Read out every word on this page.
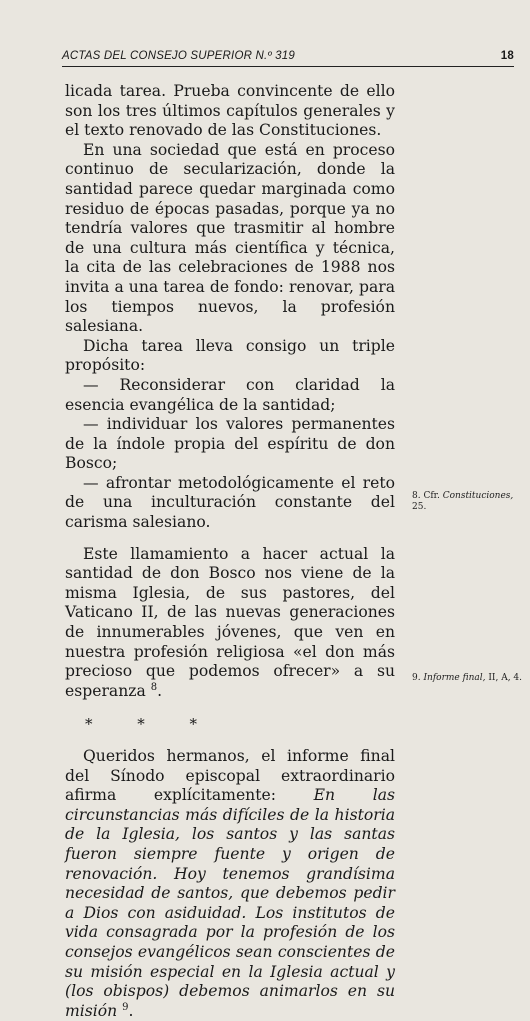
ACTAS DEL CONSEJO SUPERIOR N.º 319	18

licada tarea. Prueba convincente de ello son los tres últimos capítulos generales y el texto renovado de las Constituciones.

En una sociedad que está en proceso continuo de secularización, donde la santidad parece quedar marginada como residuo de épocas pasadas, porque ya no tendría valores que trasmitir al hombre de una cultura más científica y técnica, la cita de las celebraciones de 1988 nos invita a una tarea de fondo: renovar, para los tiempos nuevos, la profesión salesiana.

Dicha tarea lleva consigo un triple propósito:

— Reconsiderar con claridad la esencia evangélica de la santidad;

— individuar los valores permanentes de la índole propia del espíritu de don Bosco;

— afrontar metodológicamente el reto de una inculturación constante del carisma salesiano.

Este llamamiento a hacer actual la santidad de don Bosco nos viene de la misma Iglesia, de sus pastores, del Vaticano II, de las nuevas generaciones de innumerables jóvenes, que ven en nuestra profesión religiosa «el don más precioso que podemos ofrecer» a su esperanza $^8$.

* * *

Queridos hermanos, el informe final del Sínodo episcopal extraordinario afirma explícitamente: En las circunstancias más difíciles de la historia de la Iglesia, los santos y las santas fueron siempre fuente y origen de renovación. Hoy tenemos grandísima necesidad de santos, que debemos pedir a Dios con asiduidad. Los institutos de vida consagrada por la profesión de los consejos evangélicos sean conscientes de su misión especial en la Iglesia actual y (los obispos) debemos animarlos en su misión $^9$.

8. Cfr. Constituciones, 25.
9. Informe final, II, A, 4.
